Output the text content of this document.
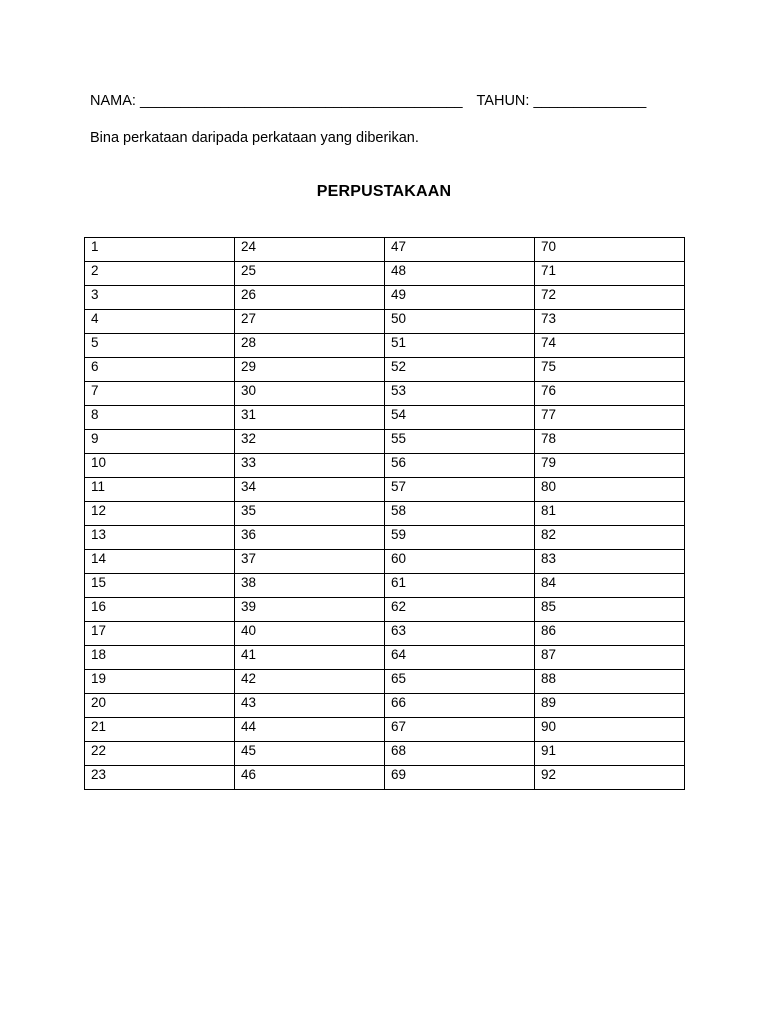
NAMA: ________________________________________ TAHUN: ______________
Bina perkataan daripada perkataan yang diberikan.
PERPUSTAKAAN
1	24	47	70
2	25	48	71
3	26	49	72
4	27	50	73
5	28	51	74
6	29	52	75
7	30	53	76
8	31	54	77
9	32	55	78
10	33	56	79
11	34	57	80
12	35	58	81
13	36	59	82
14	37	60	83
15	38	61	84
16	39	62	85
17	40	63	86
18	41	64	87
19	42	65	88
20	43	66	89
21	44	67	90
22	45	68	91
23	46	69	92
